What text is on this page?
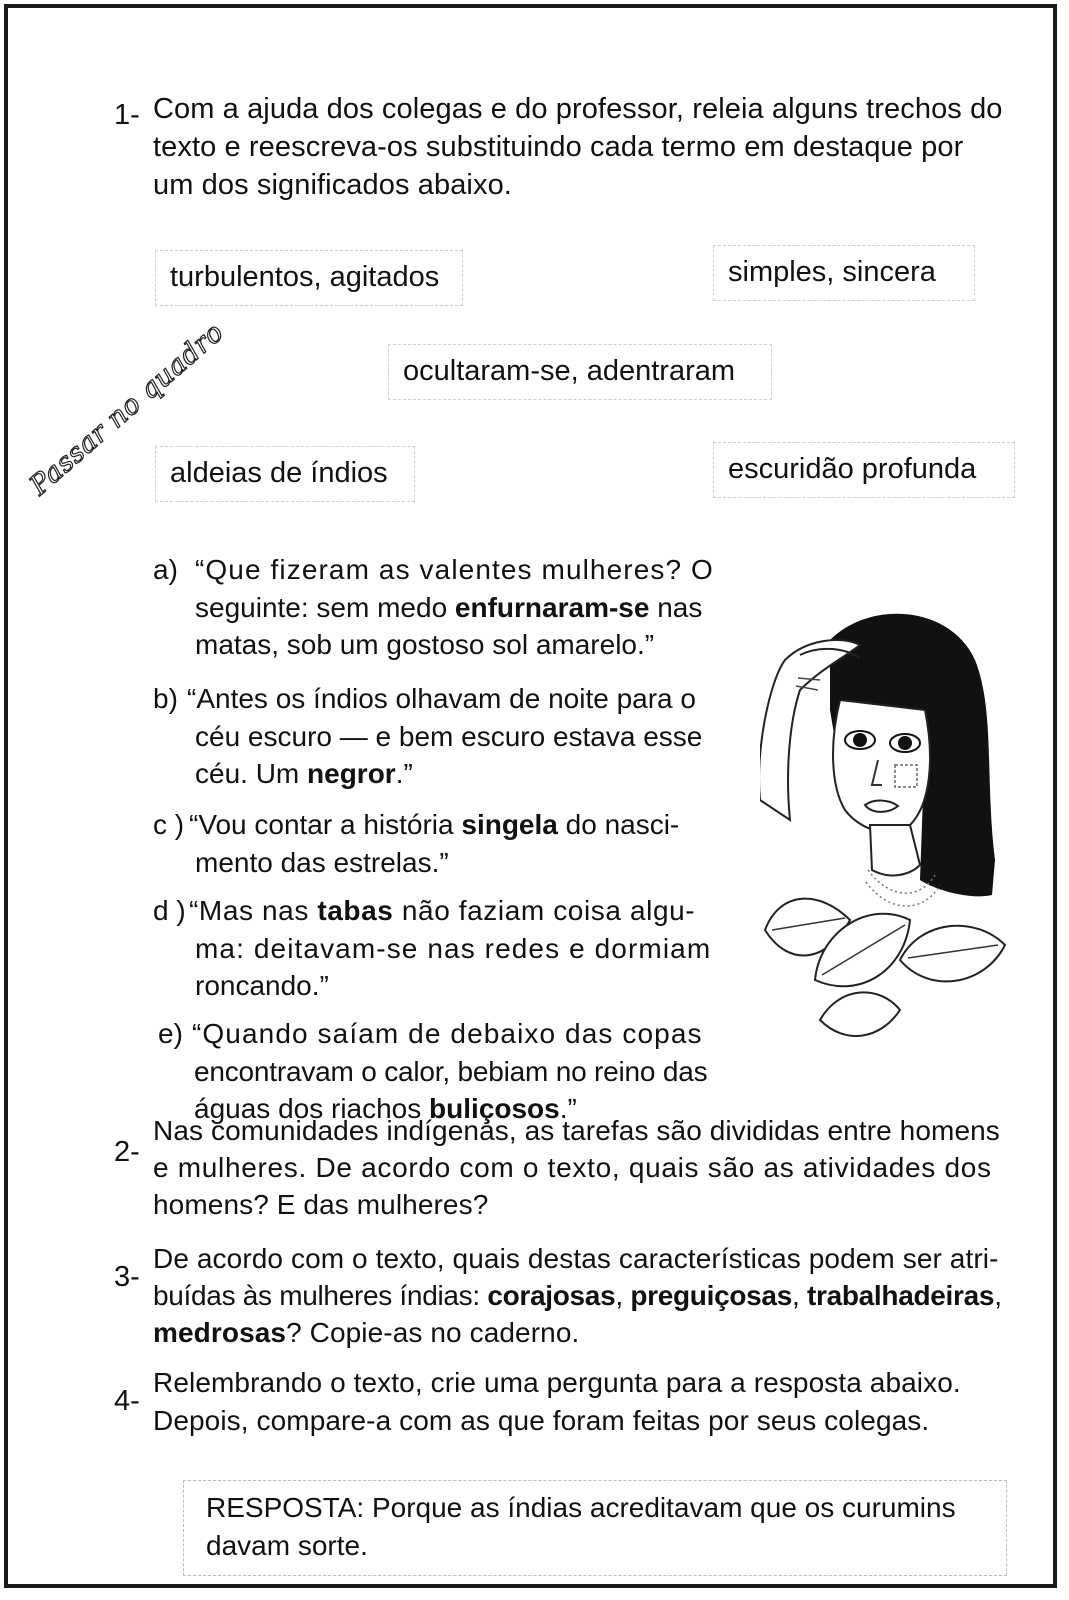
1- Com a ajuda dos colegas e do professor, releia alguns trechos do
texto e reescreva-os substituindo cada termo em destaque por
um dos significados abaixo.
turbulentos, agitados	simples, sincera
ocultaram-se, adentraram
aldeias de índios	escuridão profunda
Passar no quadro
a) “Que fizeram as valentes mulheres? O
seguinte: sem medo enfurnaram-se nas
matas, sob um gostoso sol amarelo.”
b) “Antes os índios olhavam de noite para o
céu escuro — e bem escuro estava esse
céu. Um negror.”
c ) “Vou contar a história singela do nasci-
mento das estrelas.”
d ) “Mas nas tabas não faziam coisa algu-
ma: deitavam-se nas redes e dormiam
roncando.”
e) “Quando saíam de debaixo das copas
encontravam o calor, bebiam no reino das
águas dos riachos buliçosos.”
2-
Nas comunidades indígenas, as tarefas são divididas entre homens
e mulheres. De acordo com o texto, quais são as atividades dos
homens? E das mulheres?
3-
De acordo com o texto, quais destas características podem ser atri-
buídas às mulheres índias: corajosas, preguiçosas, trabalhadeiras,
medrosas? Copie-as no caderno.
4-
Relembrando o texto, crie uma pergunta para a resposta abaixo.
Depois, compare-a com as que foram feitas por seus colegas.
RESPOSTA: Porque as índias acreditavam que os curumins
davam sorte.
